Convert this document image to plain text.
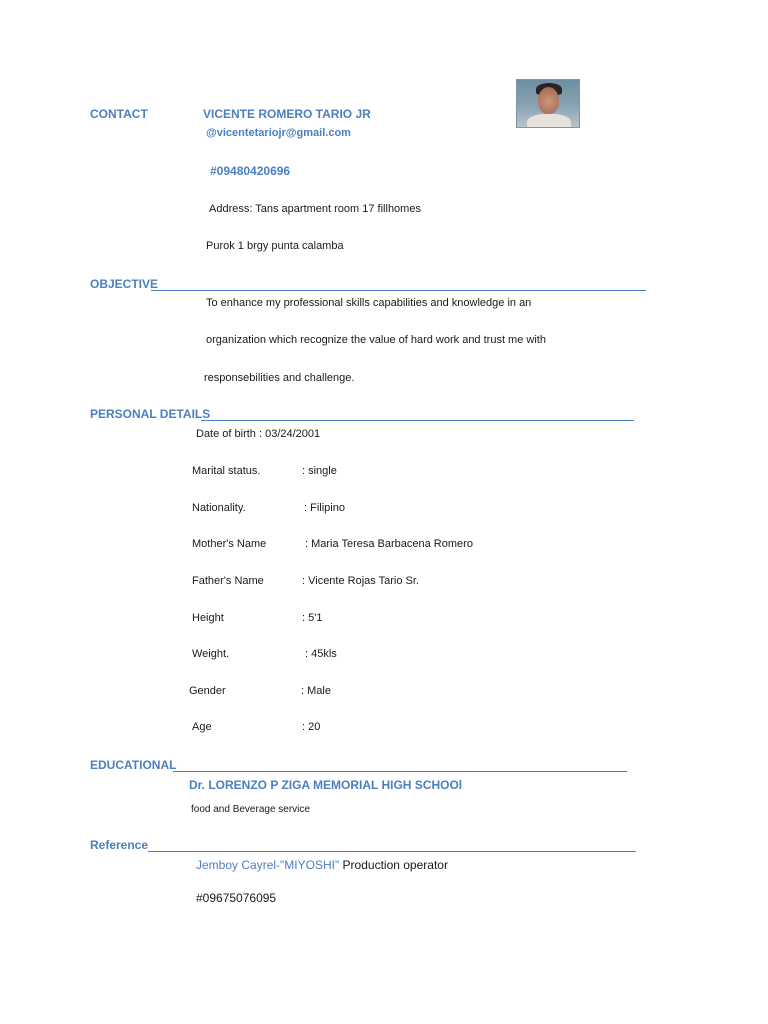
CONTACT	VICENTE ROMERO TARIO JR
@vicentetariojr@gmail.com
#09480420696
Address: Tans apartment room 17 fillhomes
Purok 1 brgy punta calamba
OBJECTIVE
To enhance my professional skills capabilities and knowledge in an
organization which recognize the value of hard work and trust me with
responsebilities and challenge.
PERSONAL DETAILS
Date of birth : 03/24/2001
Marital status.	: single
Nationality.	: Filipino
Mother's Name	: Maria Teresa Barbacena Romero
Father's Name	: Vicente Rojas Tario Sr.
Height	: 5'1
Weight.	: 45kls
Gender	: Male
Age	: 20
EDUCATIONAL
Dr. LORENZO P ZIGA MEMORIAL HIGH SCHOOl
food and Beverage service
Reference
Jemboy Cayrel-"MIYOSHI" Production operator
#09675076095
